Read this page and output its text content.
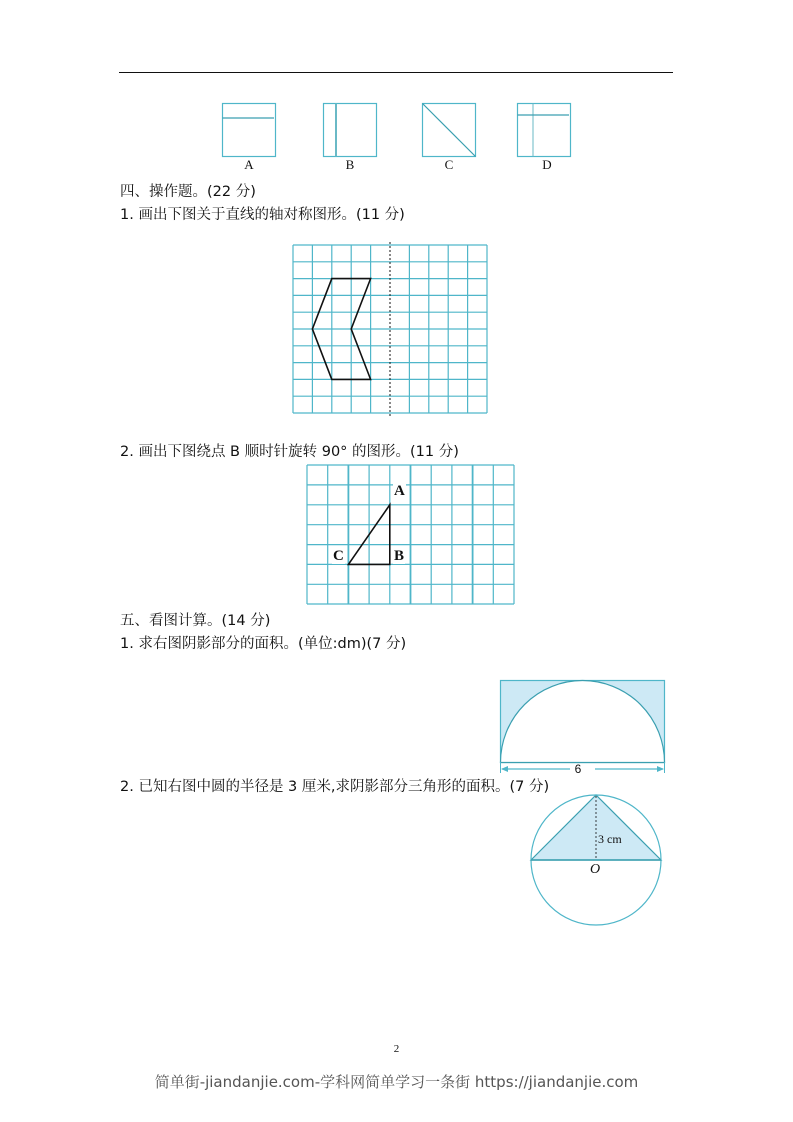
A	B	C	D
四、操作题。(22 分)
1. 画出下图关于直线的轴对称图形。(11 分)
2. 画出下图绕点 B 顺时针旋转 90° 的图形。(11 分)
A
B
C
五、看图计算。(14 分)
1. 求右图阴影部分的面积。(单位:dm)(7 分)
6
2. 已知右图中圆的半径是 3 厘米,求阴影部分三角形的面积。(7 分)
3 cm
O
2
简单街-jiandanjie.com-学科网简单学习一条街 https://jiandanjie.com
